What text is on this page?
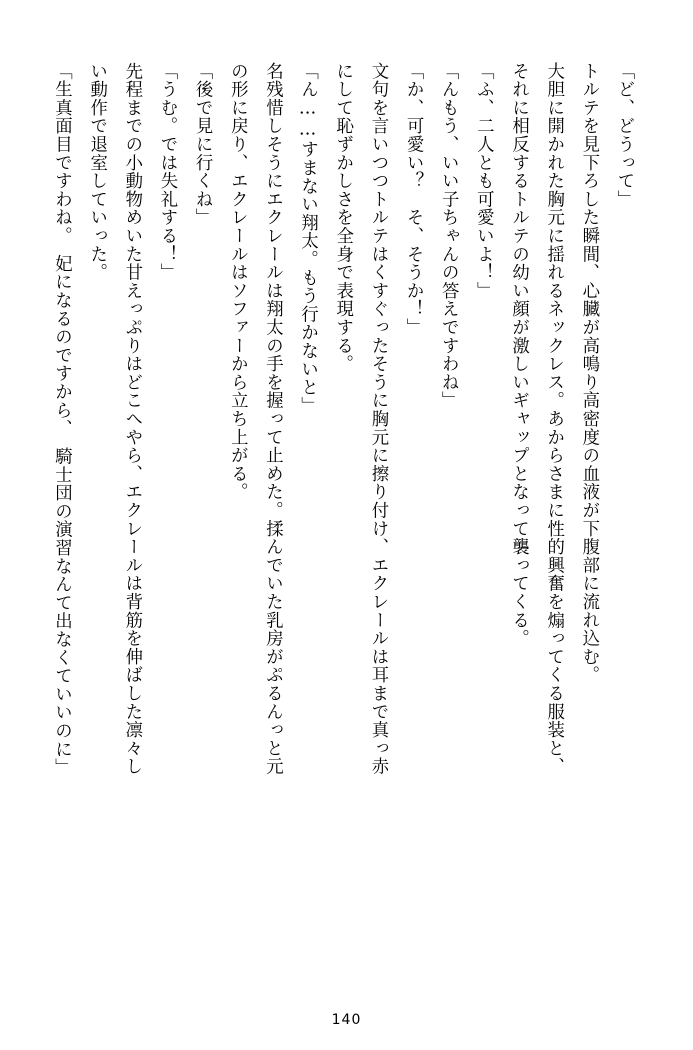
「ど、どうって」

トルテを見下ろした瞬間、心臓が高鳴り高密度の血液が下腹部に流れ込む。

大胆に開かれた胸元に揺れるネックレス。あからさまに性的興奮を煽ってくる服装と、

それに相反するトルテの幼い顔が激しいギャップとなって襲ってくる。

「ふ、二人とも可愛いよ！」

「んもう、いい子ちゃんの答えですわね」

「か、可愛い？　そ、そうか！」

文句を言いつつトルテはくすぐったそうに胸元に擦り付け、エクレールは耳まで真っ赤

にして恥ずかしさを全身で表現する。

「ん……すまない翔太。もう行かないと」

名残惜しそうにエクレールは翔太の手を握って止めた。揉んでいた乳房がぷるんっと元

の形に戻り、エクレールはソファーから立ち上がる。

「後で見に行くね」

「うむ。では失礼する！」

先程までの小動物めいた甘えっぷりはどこへやら、エクレールは背筋を伸ばした凛々し

い動作で退室していった。

「生真面目ですわね。　妃になるのですから、　騎士団の演習なんて出なくていいのに」

140
